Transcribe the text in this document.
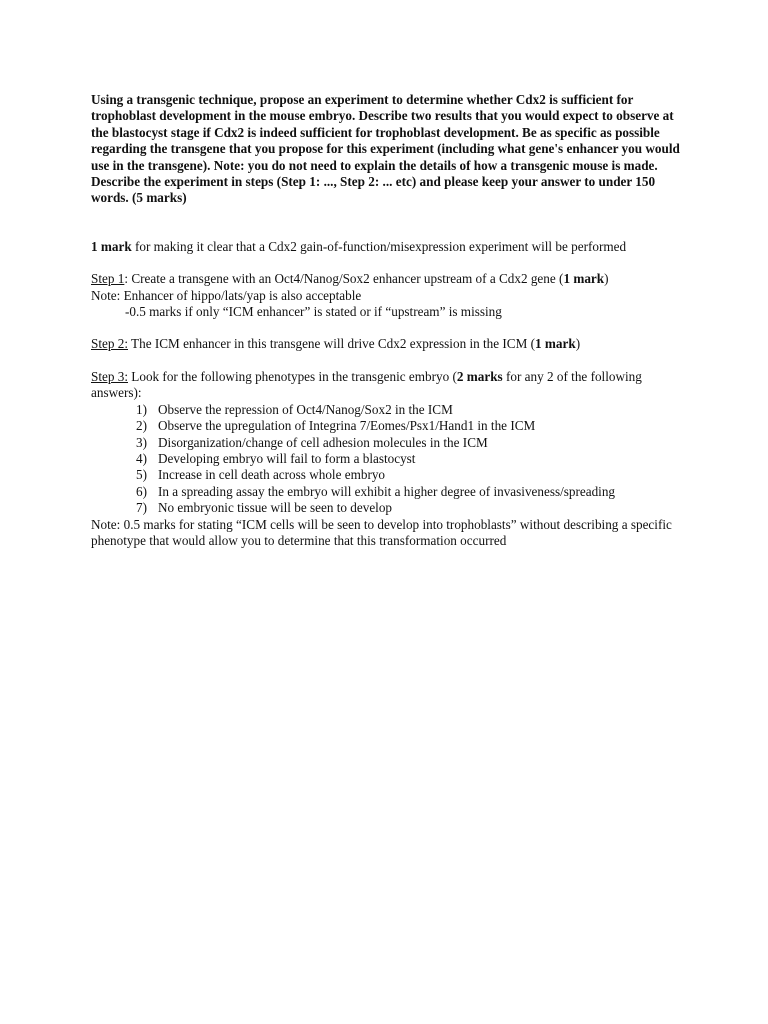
Using a transgenic technique, propose an experiment to determine whether Cdx2 is sufficient for trophoblast development in the mouse embryo. Describe two results that you would expect to observe at the blastocyst stage if Cdx2 is indeed sufficient for trophoblast development. Be as specific as possible regarding the transgene that you propose for this experiment (including what gene's enhancer you would use in the transgene). Note: you do not need to explain the details of how a transgenic mouse is made. Describe the experiment in steps (Step 1: ..., Step 2: ... etc) and please keep your answer to under 150 words. (5 marks)

1 mark for making it clear that a Cdx2 gain-of-function/misexpression experiment will be performed

Step 1: Create a transgene with an Oct4/Nanog/Sox2 enhancer upstream of a Cdx2 gene (1 mark)
Note: Enhancer of hippo/lats/yap is also acceptable
-0.5 marks if only “ICM enhancer” is stated or if “upstream” is missing

Step 2: The ICM enhancer in this transgene will drive Cdx2 expression in the ICM (1 mark)

Step 3: Look for the following phenotypes in the transgenic embryo (2 marks for any 2 of the following answers):
1) Observe the repression of Oct4/Nanog/Sox2 in the ICM
2) Observe the upregulation of Integrina 7/Eomes/Psx1/Hand1 in the ICM
3) Disorganization/change of cell adhesion molecules in the ICM
4) Developing embryo will fail to form a blastocyst
5) Increase in cell death across whole embryo
6) In a spreading assay the embryo will exhibit a higher degree of invasiveness/spreading
7) No embryonic tissue will be seen to develop
Note: 0.5 marks for stating “ICM cells will be seen to develop into trophoblasts” without describing a specific phenotype that would allow you to determine that this transformation occurred
